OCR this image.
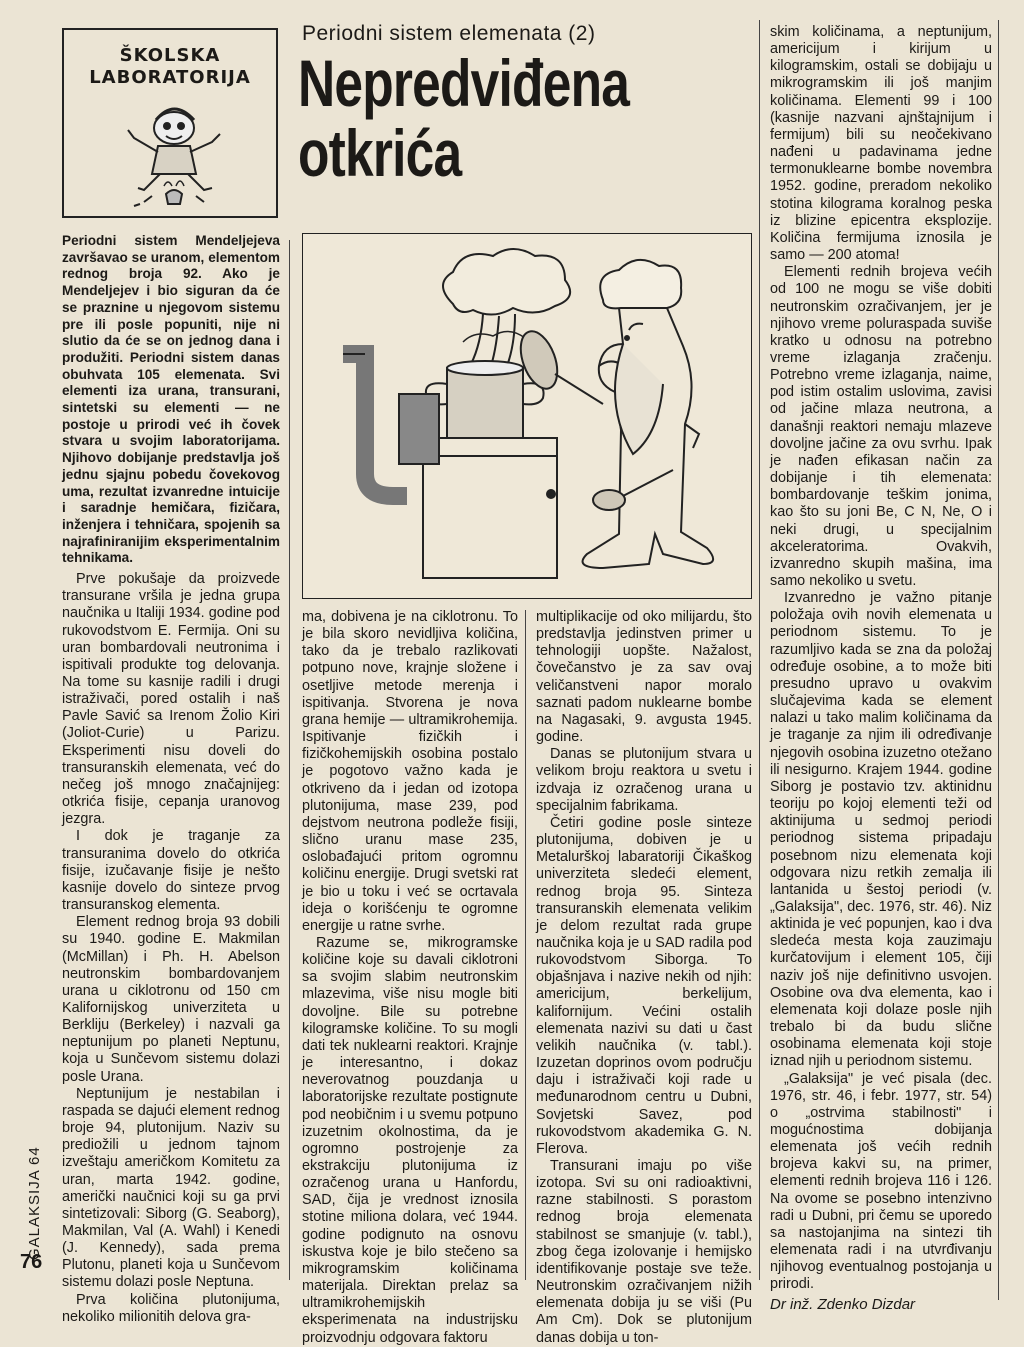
ŠKOLSKA
LABORATORIJA
Periodni sistem elemenata (2)
Nepredviđena
otkrića

Periodni sistem Mendeljejeva završavao se uranom, elementom rednog broja 92. Ako je Mendeljejev i bio siguran da će se praznine u njegovom sistemu pre ili posle popuniti, nije ni slutio da će se on jednog dana i produžiti. Periodni sistem danas obuhvata 105 elemenata. Svi elementi iza urana, transurani, sintetski su elementi — ne postoje u prirodi već ih čovek stvara u svojim laboratorijama. Njihovo dobijanje predstavlja još jednu sjajnu pobedu čovekovog uma, rezultat izvanredne intuicije i saradnje hemičara, fizičara, inženjera i tehničara, spojenih sa najrafiniranijim eksperimentalnim tehnikama.

Prve pokušaje da proizvede transurane vršila je jedna grupa naučnika u Italiji 1934. godine pod rukovodstvom E. Fermija. Oni su uran bombardovali neutronima i ispitivali produkte tog delovanja. Na tome su kasnije radili i drugi istraživači, pored ostalih i naš Pavle Savić sa Irenom Žolio Kiri (Joliot-Curie) u Parizu. Eksperimenti nisu doveli do transuranskih elemenata, već do nečeg još mnogo značajnijeg: otkrića fisije, cepanja uranovog jezgra.

I dok je traganje za transuranima dovelo do otkrića fisije, izučavanje fisije je nešto kasnije dovelo do sinteze prvog transuranskog elementa.

Element rednog broja 93 dobili su 1940. godine E. Makmilan (McMillan) i Ph. H. Abelson neutronskim bombardovanjem urana u ciklotronu od 150 cm Kalifornijskog univerziteta u Berkliju (Berkeley) i nazvali ga neptunijum po planeti Neptunu, koja u Sunčevom sistemu dolazi posle Urana.

Neptunijum je nestabilan i raspada se dajući element rednog broje 94, plutonijum. Naziv su prediožili u jednom tajnom izveštaju američkom Komitetu za uran, marta 1942. godine, američki naučnici koji su ga prvi sintetizovali: Siborg (G. Seaborg), Makmilan, Val (A. Wahl) i Kenedi (J. Kennedy), sada prema Plutonu, planeti koja u Sunčevom sistemu dolazi posle Neptuna.

Prva količina plutonijuma, nekoliko milionitih delova gra-

ma, dobivena je na ciklotronu. To je bila skoro nevidljiva količina, tako da je trebalo razlikovati potpuno nove, krajnje složene i osetljive metode merenja i ispitivanja. Stvorena je nova grana hemije — ultramikrohemija. Ispitivanje fizičkih i fizičkohemijskih osobina postalo je pogotovo važno kada je otkriveno da i jedan od izotopa plutonijuma, mase 239, pod dejstvom neutrona podleže fisiji, slično uranu mase 235, oslobađajući pritom ogromnu količinu energije. Drugi svetski rat je bio u toku i već se ocrtavala ideja o korišćenju te ogromne energije u ratne svrhe.

Razume se, mikrogramske količine koje su davali ciklotroni sa svojim slabim neutronskim mlazevima, više nisu mogle biti dovoljne. Bile su potrebne kilogramske količine. To su mogli dati tek nuklearni reaktori. Krajnje je interesantno, i dokaz neverovatnog pouzdanja u laboratorijske rezultate postignute pod neobičnim i u svemu potpuno izuzetnim okolnostima, da je ogromno postrojenje za ekstrakciju plutonijuma iz ozračenog urana u Hanfordu, SAD, čija je vrednost iznosila stotine miliona dolara, već 1944. godine podignuto na osnovu iskustva koje je bilo stečeno sa mikrogramskim količinama materijala. Direktan prelaz sa ultramikrohemijskih eksperimenata na industrijsku proizvodnju odgovara faktoru

multiplikacije od oko milijardu, što predstavlja jedinstven primer u tehnologiji uopšte. Nažalost, čovečanstvo je za sav ovaj veličanstveni napor moralo saznati padom nuklearne bombe na Nagasaki, 9. avgusta 1945. godine.

Danas se plutonijum stvara u velikom broju reaktora u svetu i izdvaja iz ozračenog urana u specijalnim fabrikama.

Četiri godine posle sinteze plutonijuma, dobiven je u Metalurškoj labaratoriji Čikaškog univerziteta sledeći element, rednog broja 95. Sinteza transuranskih elemenata velikim je delom rezultat rada grupe naučnika koja je u SAD radila pod rukovodstvom Siborga. To objašnjava i nazive nekih od njih: americijum, berkelijum, kalifornijum. Većini ostalih elemenata nazivi su dati u čast velikih naučnika (v. tabl.). Izuzetan doprinos ovom području daju i istraživači koji rade u međunarodnom centru u Dubni, Sovjetski Savez, pod rukovodstvom akademika G. N. Flerova.

Transurani imaju po više izotopa. Svi su oni radioaktivni, razne stabilnosti. S porastom rednog broja elemenata stabilnost se smanjuje (v. tabl.), zbog čega izolovanje i hemijsko identifikovanje postaje sve teže. Neutronskim ozračivanjem nižih elemenata dobija ju se viši (Pu Am Cm). Dok se plutonijum danas dobija u ton-

skim količinama, a neptunijum, americijum i kirijum u kilogramskim, ostali se dobijaju u mikrogramskim ili još manjim količinama. Elementi 99 i 100 (kasnije nazvani ajnštajnijum i fermijum) bili su neočekivano nađeni u padavinama jedne termonuklearne bombe novembra 1952. godine, preradom nekoliko stotina kilograma koralnog peska iz blizine epicentra eksplozije. Količina fermijuma iznosila je samo — 200 atoma!

Elementi rednih brojeva većih od 100 ne mogu se više dobiti neutronskim ozračivanjem, jer je njihovo vreme poluraspada suviše kratko u odnosu na potrebno vreme izlaganja zračenju. Potrebno vreme izlaganja, naime, pod istim ostalim uslovima, zavisi od jačine mlaza neutrona, a današnji reaktori nemaju mlazeve dovoljne jačine za ovu svrhu. Ipak je nađen efikasan način za dobijanje i tih elemenata: bombardovanje teškim jonima, kao što su joni Be, C N, Ne, O i neki drugi, u specijalnim akceleratorima. Ovakvih, izvanredno skupih mašina, ima samo nekoliko u svetu.

Izvanredno je važno pitanje položaja ovih novih elemenata u periodnom sistemu. To je razumljivo kada se zna da položaj određuje osobine, a to može biti presudno upravo u ovakvim slučajevima kada se element nalazi u tako malim količinama da je traganje za njim ili određivanje njegovih osobina izuzetno otežano ili nesigurno. Krajem 1944. godine Siborg je postavio tzv. aktinidnu teoriju po kojoj elementi teži od aktinijuma u sedmoj periodi periodnog sistema pripadaju posebnom nizu elemenata koji odgovara nizu retkih zemalja ili lantanida u šestoj periodi (v. „Galaksija", dec. 1976, str. 46). Niz aktinida je već popunjen, kao i dva sledeća mesta koja zauzimaju kurčatovijum i element 105, čiji naziv još nije definitivno usvojen. Osobine ova dva elementa, kao i elemenata koji dolaze posle njih trebalo bi da budu slične osobinama elemenata koji stoje iznad njih u periodnom sistemu.

„Galaksija" je već pisala (dec. 1976, str. 46, i febr. 1977, str. 54) o „ostrvima stabilnosti" i mogućnostima dobijanja elemenata još većih rednih brojeva kakvi su, na primer, elementi rednih brojeva 116 i 126. Na ovome se posebno intenzivno radi u Dubni, pri čemu se uporedo sa nastojanjima na sintezi tih elemenata radi i na utvrđivanju njihovog eventualnog postojanja u prirodi.

Dr inž. Zdenko Dizdar

GALAKSIJA 64
76
